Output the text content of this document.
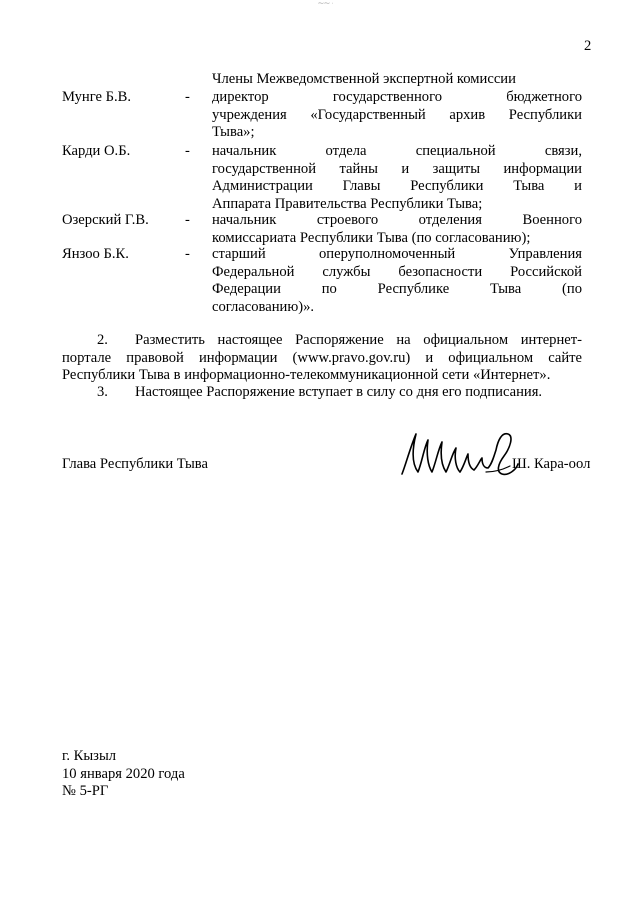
⁓⁓ ·
2
Члены Межведомственной экспертной комиссии
Мунге Б.В.	- директор государственного бюджетного
учреждения «Государственный архив Республики
Тыва»;
Карди О.Б.	- начальник отдела специальной связи,
государственной тайны и защиты информации
Администрации Главы Республики Тыва и
Аппарата Правительства Республики Тыва;
Озерский Г.В. - начальник строевого отделения Военного
комиссариата Республики Тыва (по согласованию);
Янзоо Б.К.	- старший оперуполномоченный Управления
Федеральной службы безопасности Российской
Федерации по Республике Тыва (по
согласованию)».
2. Разместить настоящее Распоряжение на официальном интернет-
портале правовой информации (www.pravo.gov.ru) и официальном сайте
Республики Тыва в информационно-телекоммуникационной сети «Интернет».
3. Настоящее Распоряжение вступает в силу со дня его подписания.
Глава Республики Тыва	Ш. Кара-оол
г. Кызыл
10 января 2020 года
№ 5-РГ
